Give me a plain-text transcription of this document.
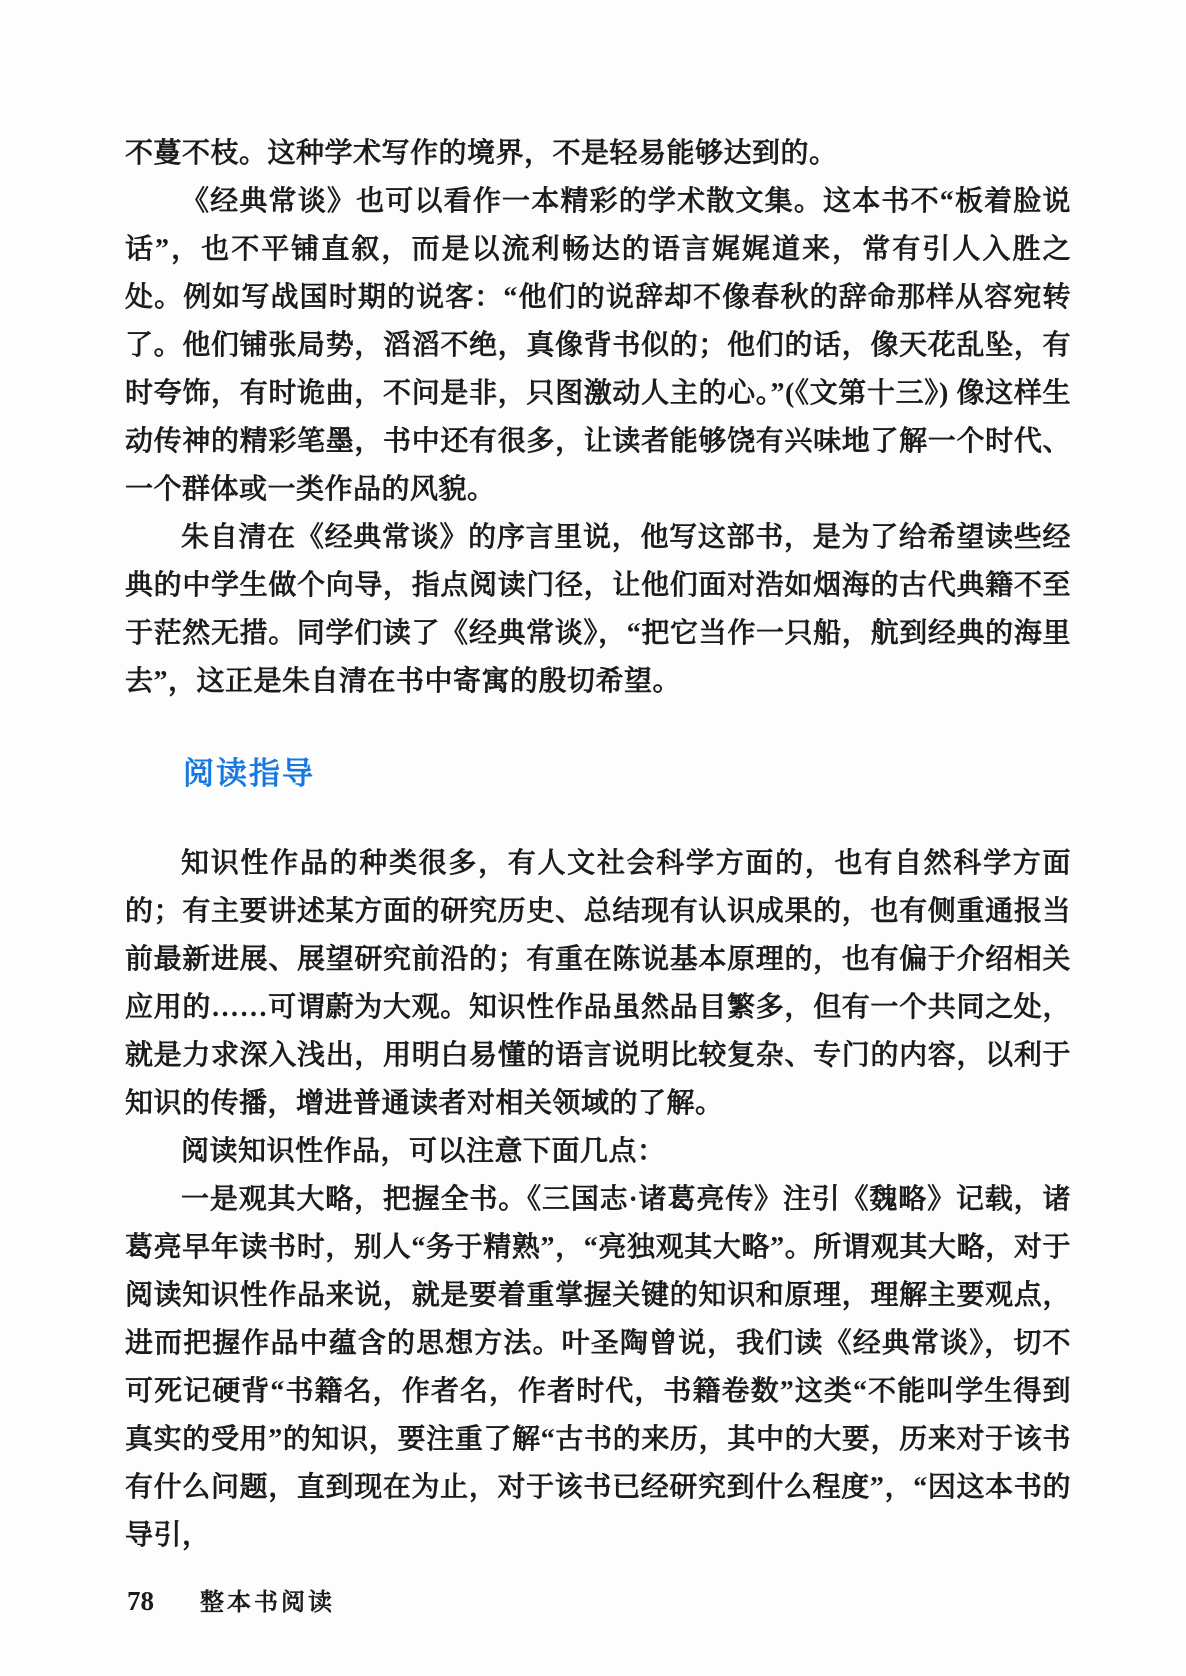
不蔓不枝。这种学术写作的境界，不是轻易能够达到的。

《经典常谈》也可以看作一本精彩的学术散文集。这本书不“板着脸说话”，也不平铺直叙，而是以流利畅达的语言娓娓道来，常有引人入胜之处。例如写战国时期的说客：“他们的说辞却不像春秋的辞命那样从容宛转了。他们铺张局势，滔滔不绝，真像背书似的；他们的话，像天花乱坠，有时夸饰，有时诡曲，不问是非，只图激动人主的心。”(《文第十三》) 像这样生动传神的精彩笔墨，书中还有很多，让读者能够饶有兴味地了解一个时代、一个群体或一类作品的风貌。

朱自清在《经典常谈》的序言里说，他写这部书，是为了给希望读些经典的中学生做个向导，指点阅读门径，让他们面对浩如烟海的古代典籍不至于茫然无措。同学们读了《经典常谈》，“把它当作一只船，航到经典的海里去”，这正是朱自清在书中寄寓的殷切希望。

阅读指导

知识性作品的种类很多，有人文社会科学方面的，也有自然科学方面的；有主要讲述某方面的研究历史、总结现有认识成果的，也有侧重通报当前最新进展、展望研究前沿的；有重在陈说基本原理的，也有偏于介绍相关应用的……可谓蔚为大观。知识性作品虽然品目繁多，但有一个共同之处，就是力求深入浅出，用明白易懂的语言说明比较复杂、专门的内容，以利于知识的传播，增进普通读者对相关领域的了解。

阅读知识性作品，可以注意下面几点：

一是观其大略，把握全书。《三国志·诸葛亮传》注引《魏略》记载，诸葛亮早年读书时，别人“务于精熟”，“亮独观其大略”。所谓观其大略，对于阅读知识性作品来说，就是要着重掌握关键的知识和原理，理解主要观点，进而把握作品中蕴含的思想方法。叶圣陶曾说，我们读《经典常谈》，切不可死记硬背“书籍名，作者名，作者时代，书籍卷数”这类“不能叫学生得到真实的受用”的知识，要注重了解“古书的来历，其中的大要，历来对于该书有什么问题，直到现在为止，对于该书已经研究到什么程度”，“因这本书的导引，

78 整本书阅读
